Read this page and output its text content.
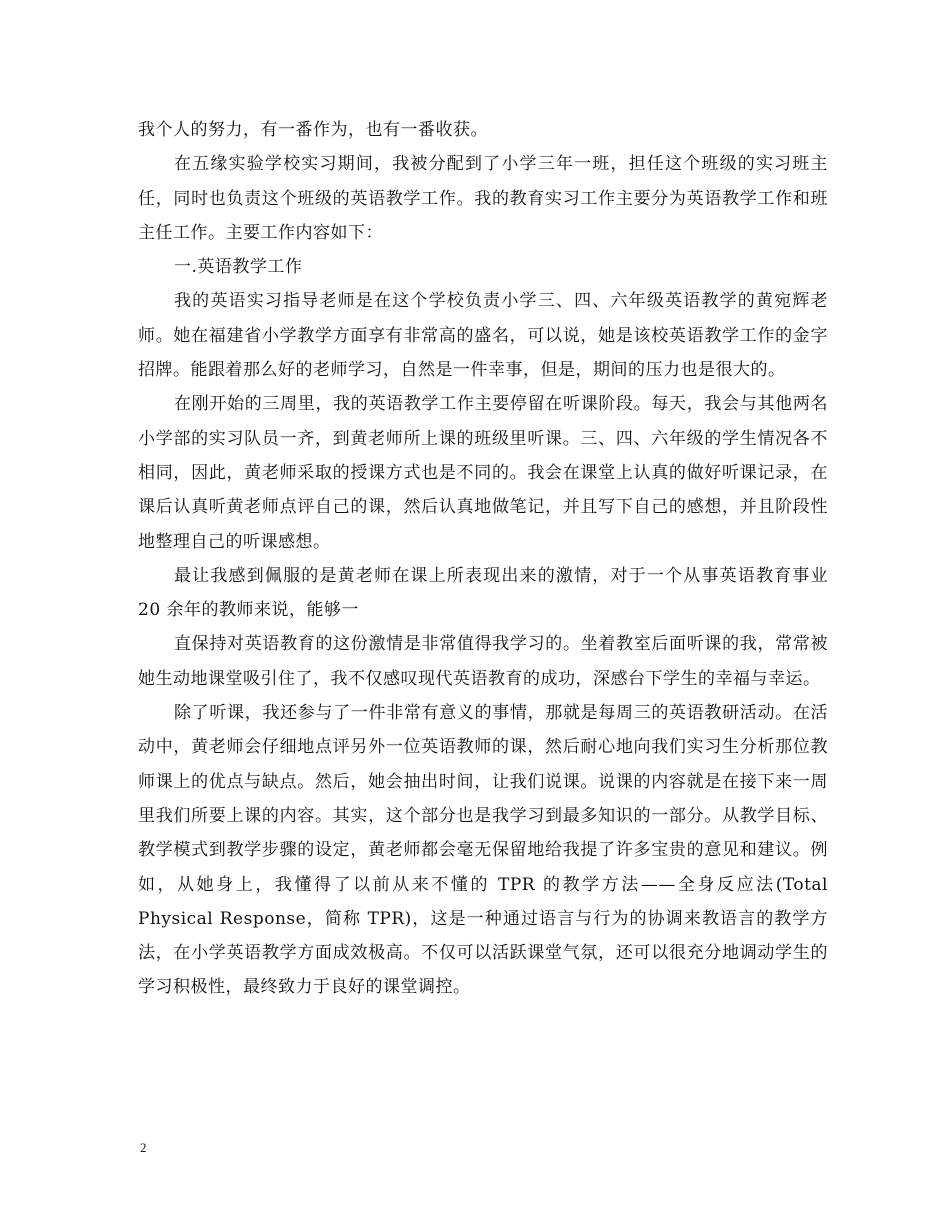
我个人的努力，有一番作为，也有一番收获。

在五缘实验学校实习期间，我被分配到了小学三年一班，担任这个班级的实习班主任，同时也负责这个班级的英语教学工作。我的教育实习工作主要分为英语教学工作和班主任工作。主要工作内容如下：

一.英语教学工作

我的英语实习指导老师是在这个学校负责小学三、四、六年级英语教学的黄宛辉老师。她在福建省小学教学方面享有非常高的盛名，可以说，她是该校英语教学工作的金字招牌。能跟着那么好的老师学习，自然是一件幸事，但是，期间的压力也是很大的。

在刚开始的三周里，我的英语教学工作主要停留在听课阶段。每天，我会与其他两名小学部的实习队员一齐，到黄老师所上课的班级里听课。三、四、六年级的学生情况各不相同，因此，黄老师采取的授课方式也是不同的。我会在课堂上认真的做好听课记录，在课后认真听黄老师点评自己的课，然后认真地做笔记，并且写下自己的感想，并且阶段性地整理自己的听课感想。

最让我感到佩服的是黄老师在课上所表现出来的激情，对于一个从事英语教育事业 20 余年的教师来说，能够一

直保持对英语教育的这份激情是非常值得我学习的。坐着教室后面听课的我，常常被她生动地课堂吸引住了，我不仅感叹现代英语教育的成功，深感台下学生的幸福与幸运。

除了听课，我还参与了一件非常有意义的事情，那就是每周三的英语教研活动。在活动中，黄老师会仔细地点评另外一位英语教师的课，然后耐心地向我们实习生分析那位教师课上的优点与缺点。然后，她会抽出时间，让我们说课。说课的内容就是在接下来一周里我们所要上课的内容。其实，这个部分也是我学习到最多知识的一部分。从教学目标、教学模式到教学步骤的设定，黄老师都会毫无保留地给我提了许多宝贵的意见和建议。例如，从她身上，我懂得了以前从来不懂的 TPR 的教学方法——全身反应法(Total Physical Response，简称 TPR)，这是一种通过语言与行为的协调来教语言的教学方法，在小学英语教学方面成效极高。不仅可以活跃课堂气氛，还可以很充分地调动学生的学习积极性，最终致力于良好的课堂调控。

2
